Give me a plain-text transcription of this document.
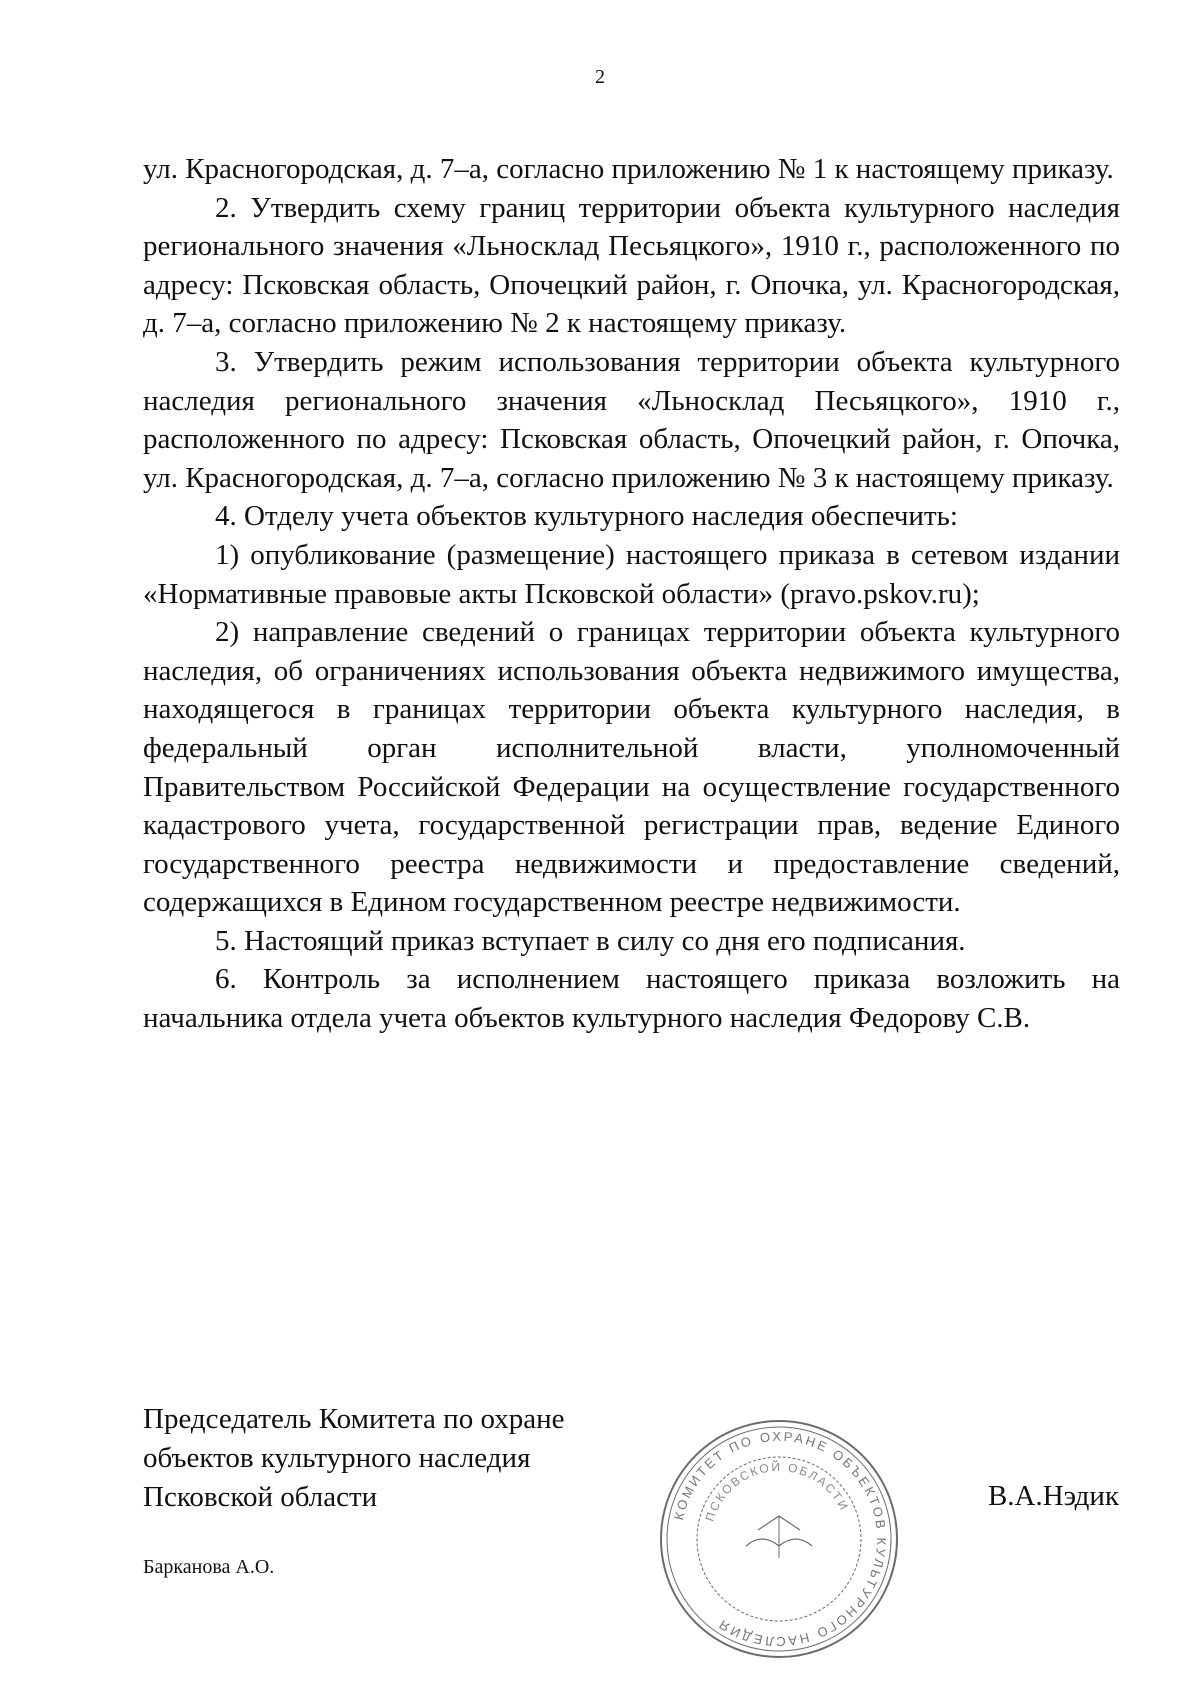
2

ул. Красногородская, д. 7–а, согласно приложению № 1 к настоящему приказу.

2. Утвердить схему границ территории объекта культурного наследия регионального значения «Льносклад Песьяцкого», 1910 г., расположенного по адресу: Псковская область, Опочецкий район, г. Опочка, ул. Красногородская, д. 7–а, согласно приложению № 2 к настоящему приказу.

3. Утвердить режим использования территории объекта культурного наследия регионального значения «Льносклад Песьяцкого», 1910 г., расположенного по адресу: Псковская область, Опочецкий район, г. Опочка, ул. Красногородская, д. 7–а, согласно приложению № 3 к настоящему приказу.

4. Отделу учета объектов культурного наследия обеспечить:

1) опубликование (размещение) настоящего приказа в сетевом издании «Нормативные правовые акты Псковской области» (pravo.pskov.ru);

2) направление сведений о границах территории объекта культурного наследия, об ограничениях использования объекта недвижимого имущества, находящегося в границах территории объекта культурного наследия, в федеральный орган исполнительной власти, уполномоченный Правительством Российской Федерации на осуществление государственного кадастрового учета, государственной регистрации прав, ведение Единого государственного реестра недвижимости и предоставление сведений, содержащихся в Едином государственном реестре недвижимости.

5. Настоящий приказ вступает в силу со дня его подписания.

6. Контроль за исполнением настоящего приказа возложить на начальника отдела учета объектов культурного наследия Федорову С.В.

Председатель Комитета по охране
объектов культурного наследия
Псковской области
КОМИТЕТ ПО ОХРАНЕ ОБЪЕКТОВ КУЛЬТУРНОГО НАСЛЕДИЯ
ПСКОВСКОЙ ОБЛАСТИ	В.А.Нэдик
Барканова А.О.
